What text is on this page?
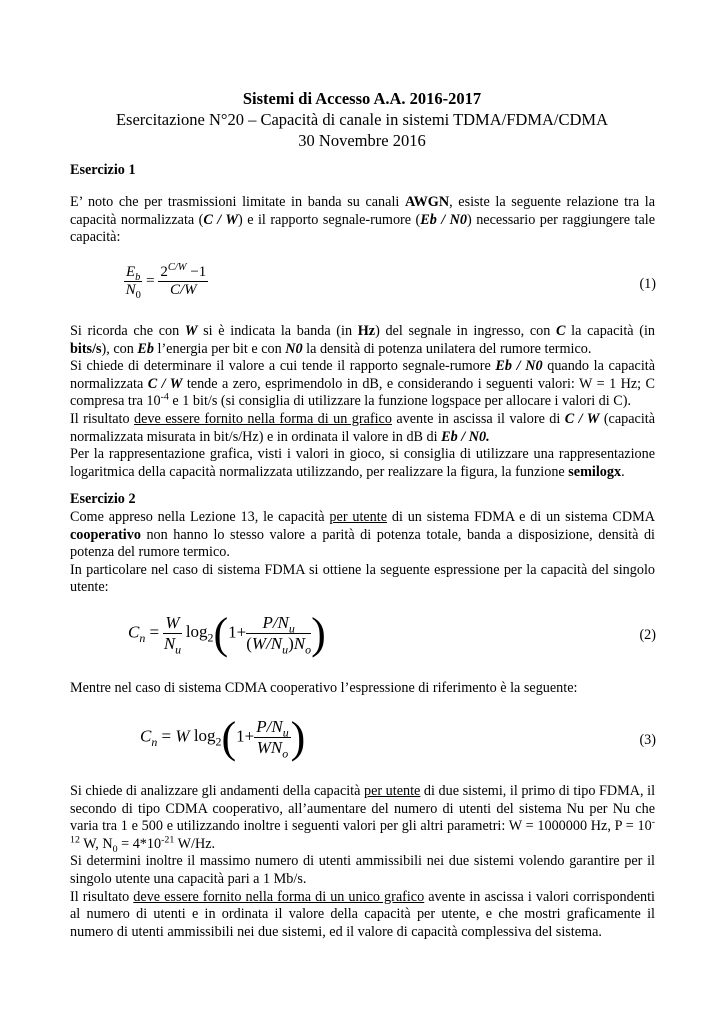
Sistemi di Accesso A.A. 2016-2017
Esercitazione N°20 – Capacità di canale in sistemi TDMA/FDMA/CDMA
30 Novembre 2016
Esercizio 1
E’ noto che per trasmissioni limitate in banda su canali AWGN, esiste la seguente relazione tra la capacità normalizzata (C / W) e il rapporto segnale-rumore (Eb / N0) necessario per raggiungere tale capacità:
$\frac{E_b}{N_0} = \frac{2^{C/W} -1}{C/W}$	(1)

Si ricorda che con W si è indicata la banda (in Hz) del segnale in ingresso, con C la capacità (in bits/s), con Eb l’energia per bit e con N0 la densità di potenza unilatera del rumore termico.

Si chiede di determinare il valore a cui tende il rapporto segnale-rumore Eb / N0 quando la capacità normalizzata C / W tende a zero, esprimendolo in dB, e considerando i seguenti valori: W = 1 Hz; C compresa tra $10^{-4}$ e 1 bit/s (si consiglia di utilizzare la funzione logspace per allocare i valori di C).

Il risultato deve essere fornito nella forma di un grafico avente in ascissa il valore di C / W (capacità normalizzata misurata in bit/s/Hz) e in ordinata il valore in dB di Eb / N0.

Per la rappresentazione grafica, visti i valori in gioco, si consiglia di utilizzare una rappresentazione logaritmica della capacità normalizzata utilizzando, per realizzare la figura, la funzione semilogx.

Esercizio 2

Come appreso nella Lezione 13, le capacità per utente di un sistema FDMA e di un sistema CDMA cooperativo non hanno lo stesso valore a parità di potenza totale, banda a disposizione, densità di potenza del rumore termico.

In particolare nel caso di sistema FDMA si ottiene la seguente espressione per la capacità del singolo utente:

$C_n = \frac{W}{N_u} \log_2(1+ \frac{P/N_u}{(W/N_u)N_o}$ )	(2)
Mentre nel caso di sistema CDMA cooperativo l’espressione di riferimento è la seguente:
$C_n = W$ $\log_2(1+ \frac{P/N_u}{WN_o}$ )	(3)

Si chiede di analizzare gli andamenti della capacità per utente di due sistemi, il primo di tipo FDMA, il secondo di tipo CDMA cooperativo, all’aumentare del numero di utenti del sistema Nu per Nu che varia tra 1 e 500 e utilizzando inoltre i seguenti valori per gli altri parametri: W = 1000000 Hz, $P = 10^{-12}$ W, $N_0 = 4*10^{-21}$ W/Hz.

Si determini inoltre il massimo numero di utenti ammissibili nei due sistemi volendo garantire per il singolo utente una capacità pari a 1 Mb/s.

Il risultato deve essere fornito nella forma di un unico grafico avente in ascissa i valori corrispondenti al numero di utenti e in ordinata il valore della capacità per utente, e che mostri graficamente il numero di utenti ammissibili nei due sistemi, ed il valore di capacità complessiva del sistema.
